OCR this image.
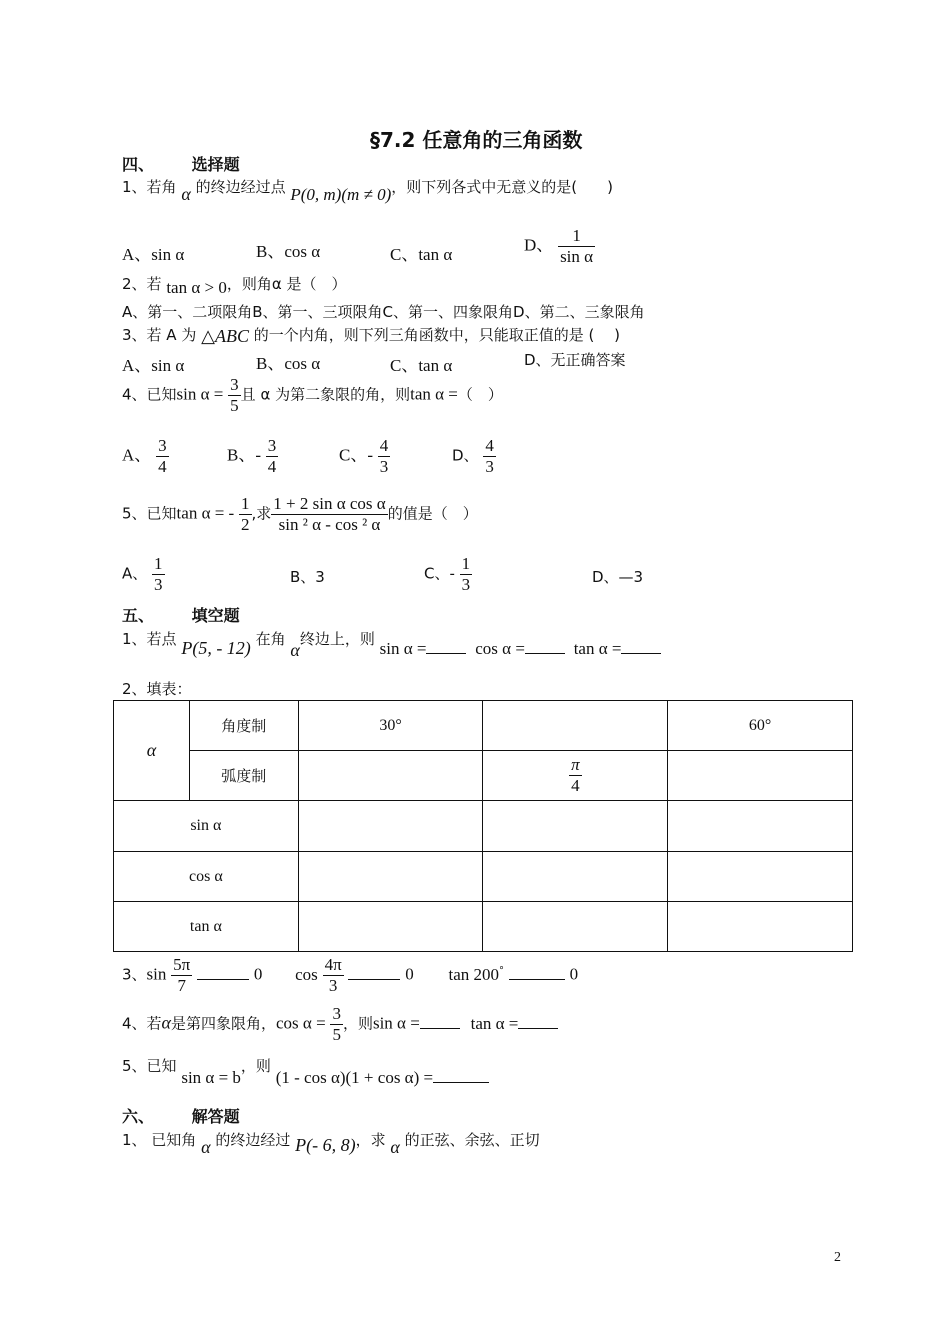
§7.2 任意角的三角函数
四、 选择题
1、若角 α 的终边经过点 P(0, m)(m ≠ 0)，则下列各式中无意义的是(　　)
A、sin α	B、cos α	C、tan α	D、 $\frac{1}{\text{sin α}}$
2、若 tan α > 0，则角α 是（　）
A、第一、二项限角B、第一、三项限角C、第一、四象限角D、第二、三象限角
3、若 A 为 △ABC 的一个内角，则下列三角函数中，只能取正值的是 (　 )
A、sin α	B、cos α	C、tan α	D、无正确答案
4、已知$\sin \alpha = \frac{3}{5}$ 且 α 为第二象限的角，则tan α =（　）
A、 $\frac{3}{4}$	B、- $\frac{3}{4}$	C、- $\frac{4}{3}$	D、 $\frac{4}{3}$
5、已知tan α = - $\frac{1}{2}$ ,求 $\frac{\text{1 + 2 sin α cos α}}{\text{sin ² α - cos ² α}}$ 的值是（　）
A、 $\frac{1}{3}$	B、3	C、- $\frac{1}{3}$	D、—3
五、 填空题
1、若点 P(5, - 12) 在角 α终边上，则 sin α =	cos α =	tan α =
2、填表：
α	角度制	30°		60°
	弧度制		$\frac{\pi}{4}$

sin α				
cos α				
tan α				
3、$\sin \frac{5\pi}{7}$	0 $\cos \frac{4\pi}{3}$	0 tan 200°	0
4、若α是第四象限角，$\cos \alpha = \frac{3}{5}$ ，则sin α =	tan α =
5、已知 sin α = b，则 (1 - cos α)(1 + cos α) =
六、 解答题
1、 已知角 α 的终边经过 P(- 6, 8)，求 α 的正弦、余弦、正切
2
